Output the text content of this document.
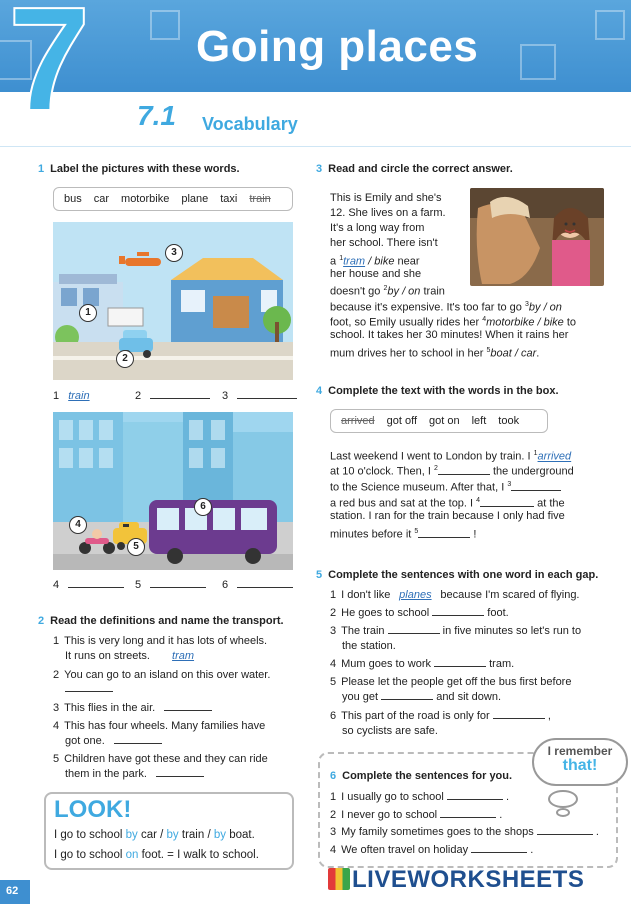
7 Going places
7.1 Vocabulary
1 Label the pictures with these words.
bus car motorbike plane taxi train
3
1
2
1 train	2	3
6
4
5
4	5	6
2 Read the definitions and name the transport.
1 This is very long and it has lots of wheels.
It runs on streets. tram
2 You can go to an island on this over water.
3 This flies in the air.
4 This has four wheels. Many families have
got one.
5 Children have got these and they can ride
them in the park.
LOOK!
I go to school by car / by train / by boat.
I go to school on foot. = I walk to school.
3 Read and circle the correct answer.
This is Emily and she's
12. She lives on a farm.
It's a long way from
her school. There isn't
a $^1$tram / bike near
her house and she
doesn't go $^2$by / on train
because it's expensive. It's too far to go $^3$by / on
foot, so Emily usually rides her $^4$motorbike / bike to
school. It takes her 30 minutes! When it rains her
mum drives her to school in her $^5$boat / car.
4 Complete the text with the words in the box.
arrived got off got on left took
Last weekend I went to London by train. I $^1$arrived
at 10 o'clock. Then, I $^2$	the underground
to the Science museum. After that, I $^3$
a red bus and sat at the top. I $^4$	at the
station. I ran for the train because I only had five
minutes before it $^5$	!
5 Complete the sentences with one word in each gap.
1 I don't like planes because I'm scared of flying.
2 He goes to school	foot.
3 The train	in five minutes so let's run to
the station.
4 Mum goes to work	tram.
5 Please let the people get off the bus first before
you get	and sit down.
6 This part of the road is only for	,
so cyclists are safe.
I remember
that!
6 Complete the sentences for you.
1 I usually go to school	.
2 I never go to school	.
3 My family sometimes goes to the shops	.
4 We often travel on holiday	.
62	LIVEWORKSHEETS
